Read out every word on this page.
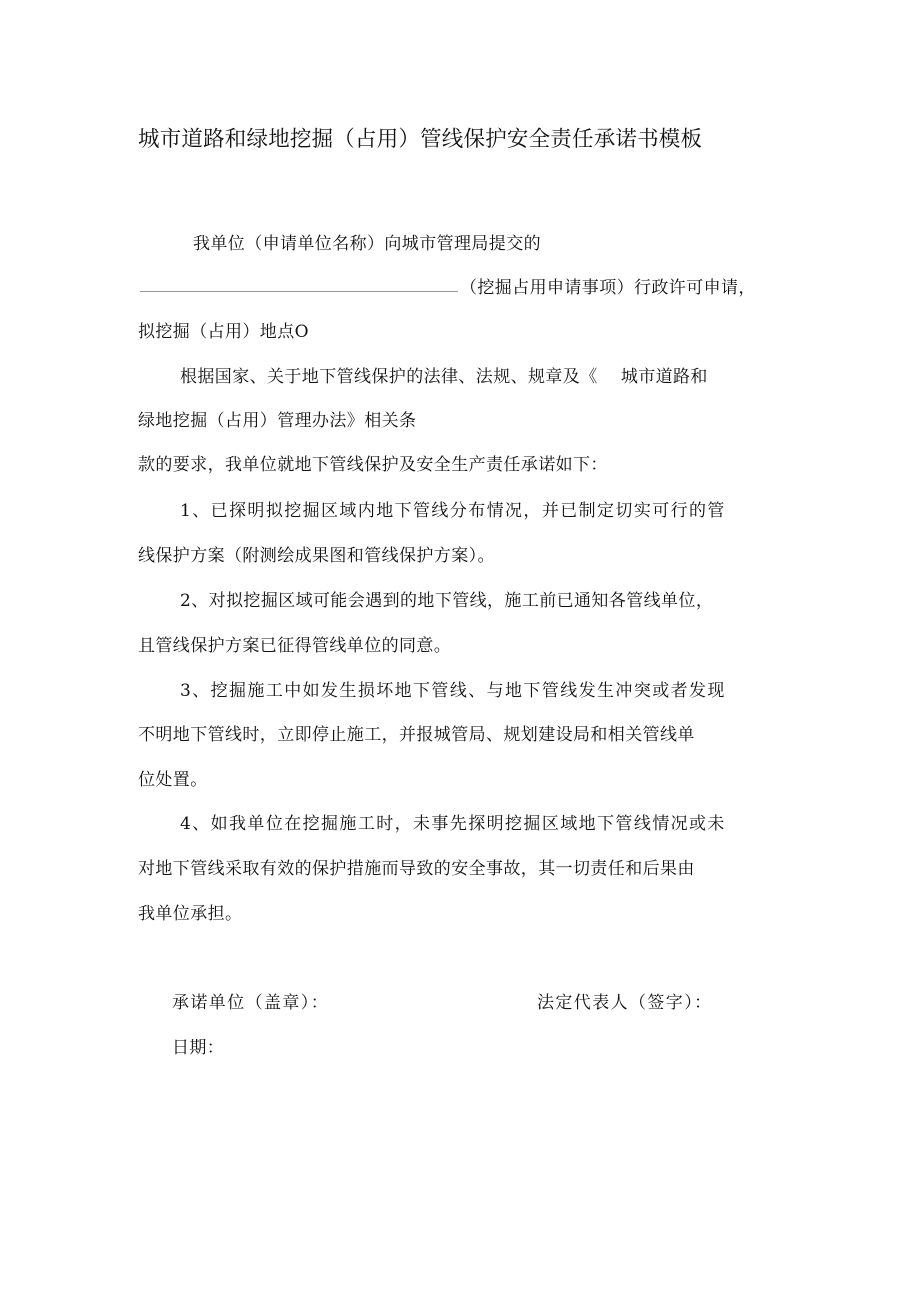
城市道路和绿地挖掘（占用）管线保护安全责任承诺书模板
我单位（申请单位名称）向城市管理局提交的
（挖掘占用申请事项）行政许可申请，
拟挖掘（占用）地点O
根据国家、关于地下管线保护的法律、法规、规章及《    城市道路和
绿地挖掘（占用）管理办法》相关条
款的要求，我单位就地下管线保护及安全生产责任承诺如下：
1、已探明拟挖掘区域内地下管线分布情况，并已制定切实可行的管
线保护方案（附测绘成果图和管线保护方案）。
2、对拟挖掘区域可能会遇到的地下管线，施工前已通知各管线单位，
且管线保护方案已征得管线单位的同意。
3、挖掘施工中如发生损坏地下管线、与地下管线发生冲突或者发现
不明地下管线时，立即停止施工，并报城管局、规划建设局和相关管线单
位处置。
4、如我单位在挖掘施工时，未事先探明挖掘区域地下管线情况或未
对地下管线采取有效的保护措施而导致的安全事故，其一切责任和后果由
我单位承担。
承诺单位（盖章）：	法定代表人（签字）：
日期：
